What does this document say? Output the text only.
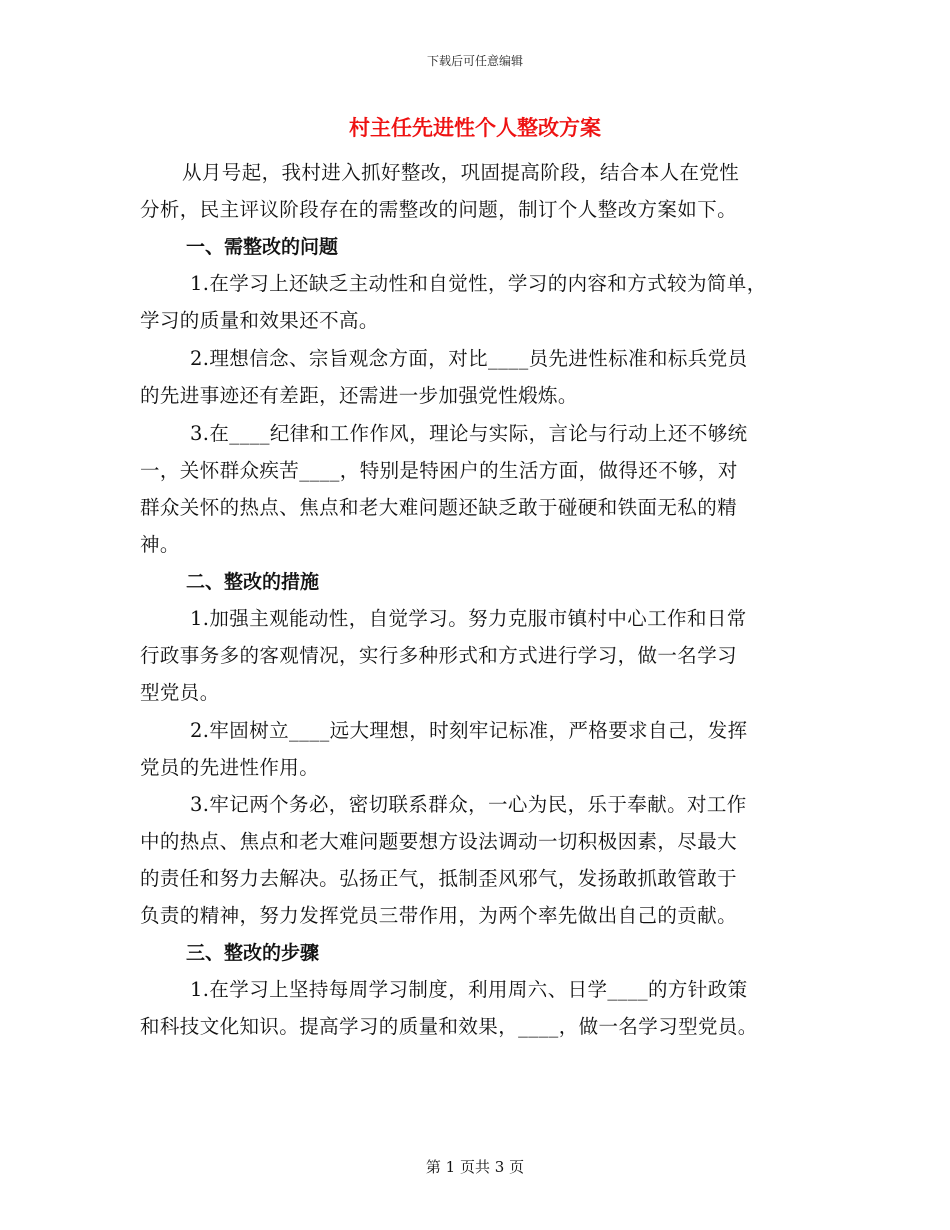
下载后可任意编辑
村主任先进性个人整改方案
从月号起，我村进入抓好整改，巩固提高阶段，结合本人在党性
分析，民主评议阶段存在的需整改的问题，制订个人整改方案如下。
一、需整改的问题
1.在学习上还缺乏主动性和自觉性，学习的内容和方式较为简单，
学习的质量和效果还不高。
2.理想信念、宗旨观念方面，对比____员先进性标准和标兵党员
的先进事迹还有差距，还需进一步加强党性煅炼。
3.在____纪律和工作作风，理论与实际，言论与行动上还不够统
一，关怀群众疾苦____，特别是特困户的生活方面，做得还不够，对
群众关怀的热点、焦点和老大难问题还缺乏敢于碰硬和铁面无私的精
神。
二、整改的措施
1.加强主观能动性，自觉学习。努力克服市镇村中心工作和日常
行政事务多的客观情况，实行多种形式和方式进行学习，做一名学习
型党员。
2.牢固树立____远大理想，时刻牢记标准，严格要求自己，发挥
党员的先进性作用。
3.牢记两个务必，密切联系群众，一心为民，乐于奉献。对工作
中的热点、焦点和老大难问题要想方设法调动一切积极因素，尽最大
的责任和努力去解决。弘扬正气，抵制歪风邪气，发扬敢抓敢管敢于
负责的精神，努力发挥党员三带作用，为两个率先做出自己的贡献。
三、整改的步骤
1.在学习上坚持每周学习制度，利用周六、日学____的方针政策
和科技文化知识。提高学习的质量和效果，____，做一名学习型党员。
第 1 页共 3 页
